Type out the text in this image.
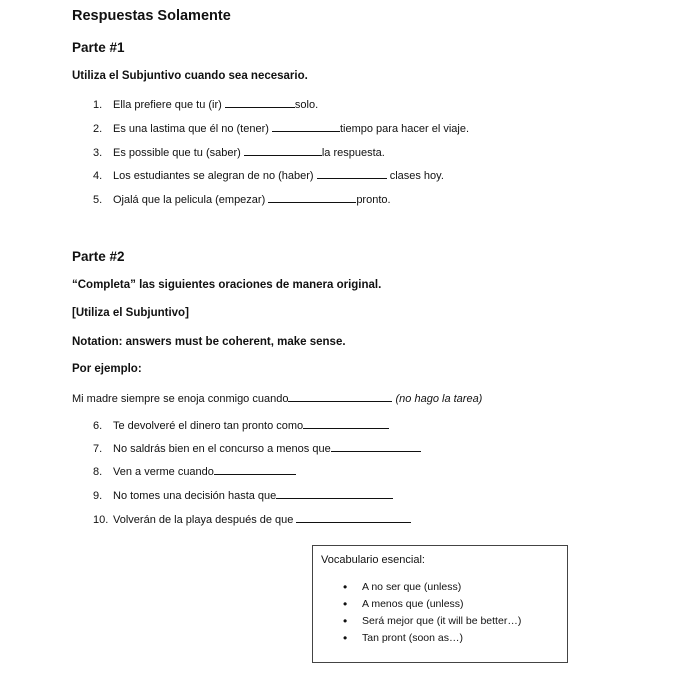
Respuestas Solamente
Parte #1
Utiliza el Subjuntivo cuando sea necesario.
1. Ella prefiere que tu (ir)	solo.
2. Es una lastima que él no (tener)	tiempo para hacer el viaje.
3. Es possible que tu (saber)	la respuesta.
4. Los estudiantes se alegran de no (haber)	clases hoy.
5. Ojalá que la pelicula (empezar)	pronto.
Parte #2
“Completa” las siguientes oraciones de manera original.
[Utiliza el Subjuntivo]
Notation: answers must be coherent, make sense.
Por ejemplo:
Mi madre siempre se enoja conmigo cuando	(no hago la tarea)
6. Te devolveré el dinero tan pronto como
7. No saldrás bien en el concurso a menos que
8. Ven a verme cuando
9. No tomes una decisión hasta que
10. Volverán de la playa después de que
Vocabulario esencial:
• A no ser que (unless)
• A menos que (unless)
• Será mejor que (it will be better…)
• Tan pront (soon as…)
